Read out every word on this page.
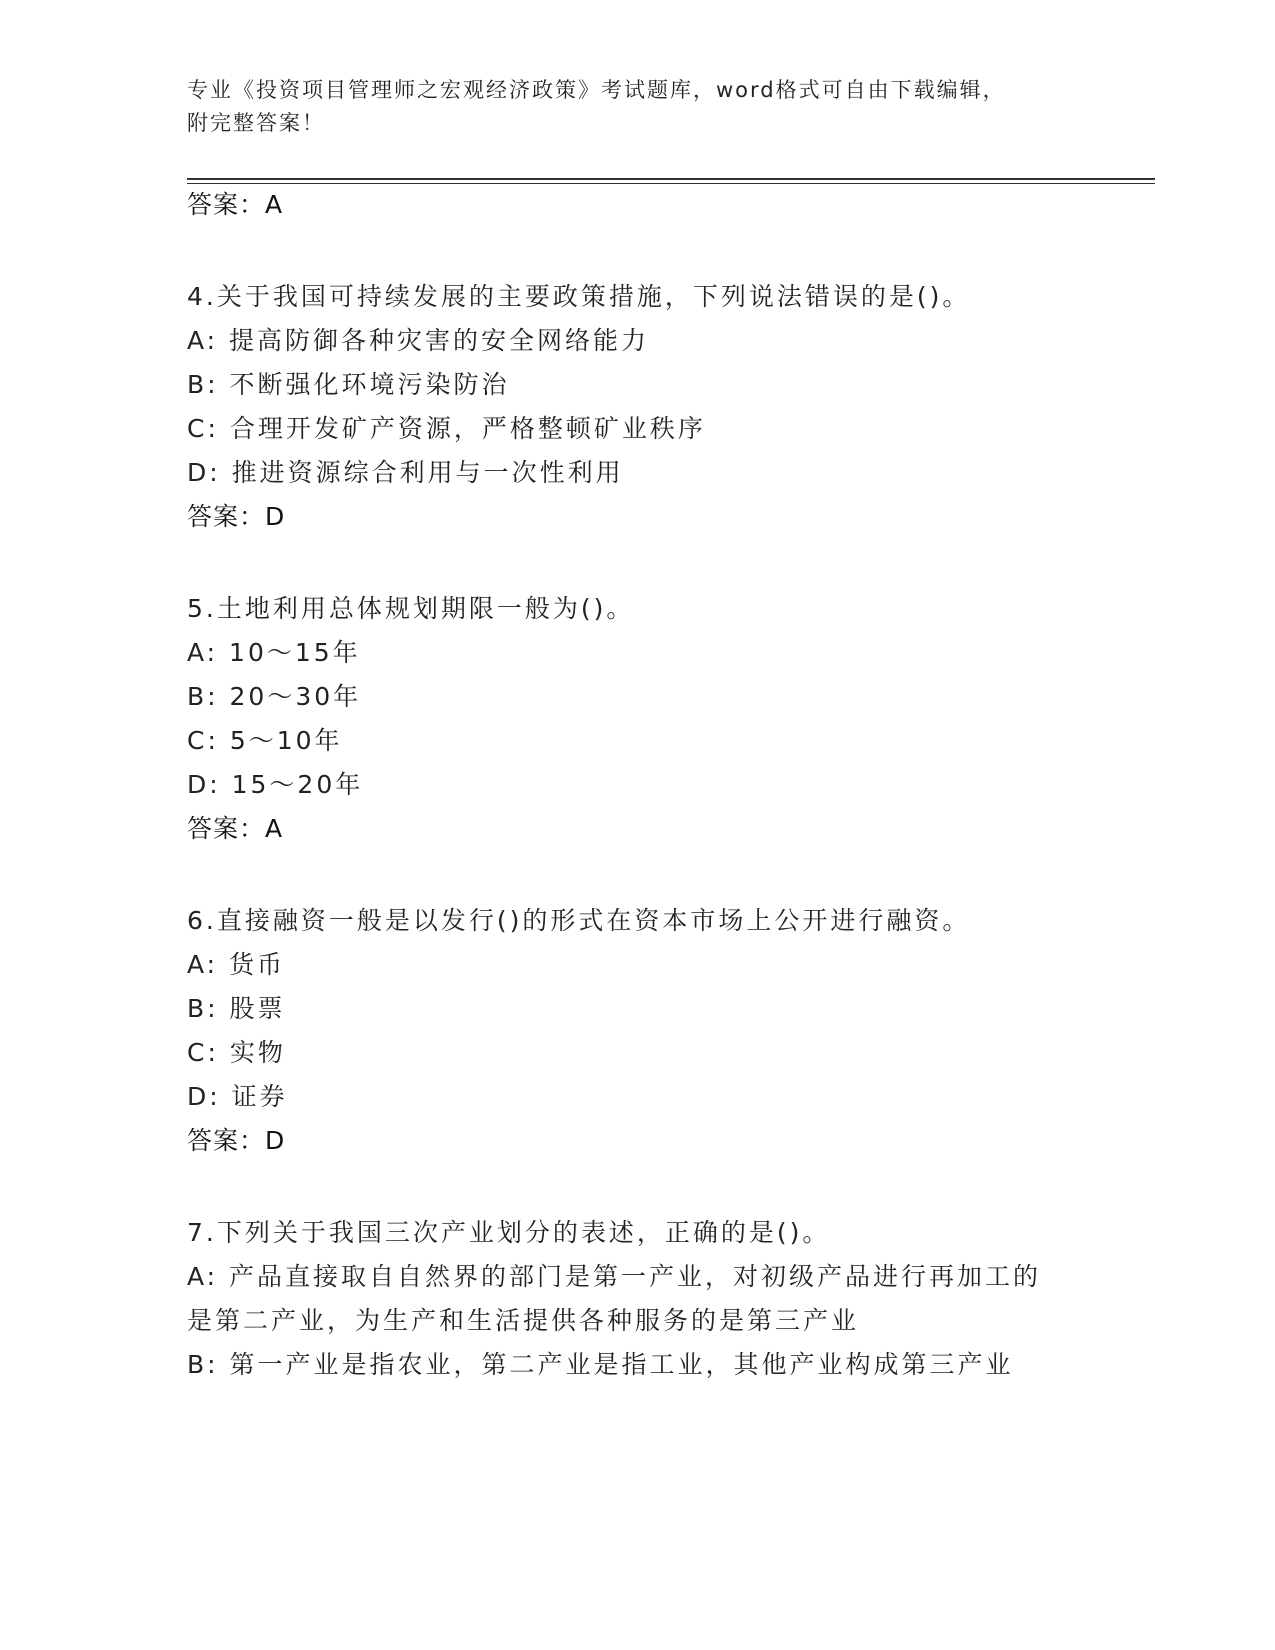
专业《投资项目管理师之宏观经济政策》考试题库，word格式可自由下载编辑，
附完整答案！
答案：A
4.关于我国可持续发展的主要政策措施，下列说法错误的是()。
A: 提高防御各种灾害的安全网络能力
B: 不断强化环境污染防治
C: 合理开发矿产资源，严格整顿矿业秩序
D: 推进资源综合利用与一次性利用
答案：D
5.土地利用总体规划期限一般为()。
A: 10～15年
B: 20～30年
C: 5～10年
D: 15～20年
答案：A
6.直接融资一般是以发行()的形式在资本市场上公开进行融资。
A: 货币
B: 股票
C: 实物
D: 证券
答案：D
7.下列关于我国三次产业划分的表述，正确的是()。
A: 产品直接取自自然界的部门是第一产业，对初级产品进行再加工的
是第二产业，为生产和生活提供各种服务的是第三产业
B: 第一产业是指农业，第二产业是指工业，其他产业构成第三产业
